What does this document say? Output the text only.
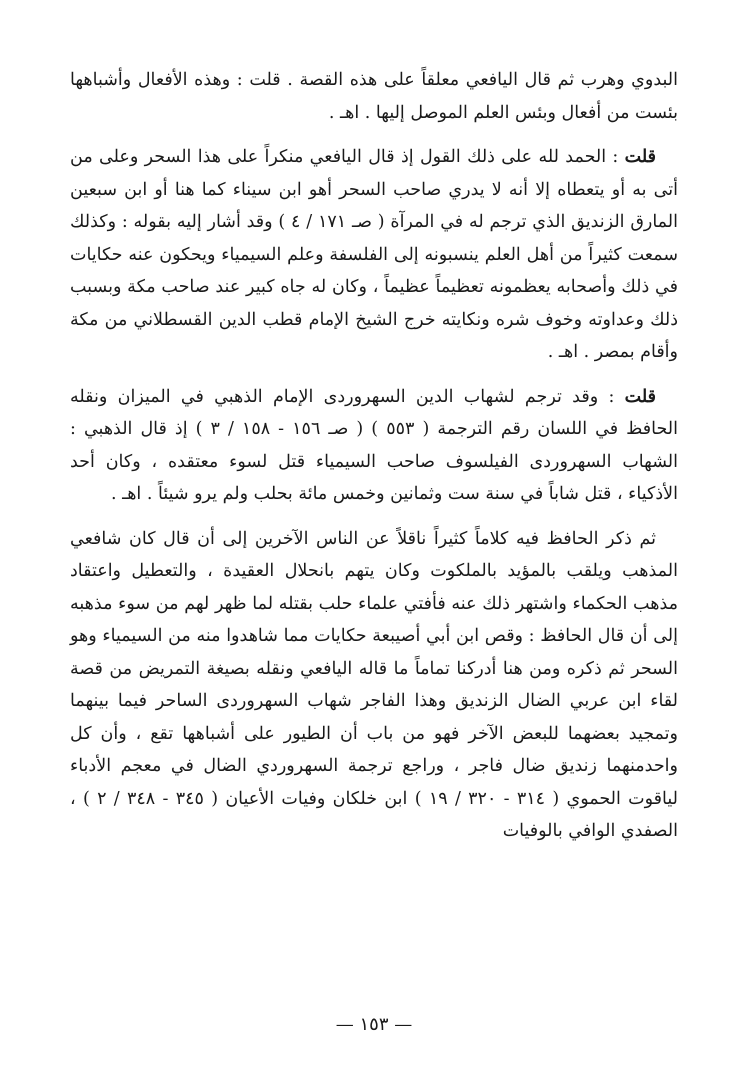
البدوي وهرب ثم قال اليافعي معلقاً على هذه القصة . قلت : وهذه الأفعال وأشباهها بئست من أفعال وبئس العلم الموصل إليها . اهـ .

قلت : الحمد لله على ذلك القول إذ قال اليافعي منكراً على هذا السحر وعلى من أتى به أو يتعطاه إلا أنه لا يدري صاحب السحر أهو ابن سيناء كما هنا أو ابن سبعين المارق الزنديق الذي ترجم له في المرآة ( صـ ١٧١ / ٤ ) وقد أشار إليه بقوله : وكذلك سمعت كثيراً من أهل العلم ينسبونه إلى الفلسفة وعلم السيمياء ويحكون عنه حكايات في ذلك وأصحابه يعظمونه تعظيماً عظيماً ، وكان له جاه كبير عند صاحب مكة وبسبب ذلك وعداوته وخوف شره ونكايته خرج الشيخ الإمام قطب الدين القسطلاني من مكة وأقام بمصر . اهـ .

قلت : وقد ترجم لشهاب الدين السهروردى الإمام الذهبي في الميزان ونقله الحافظ في اللسان رقم الترجمة ( ٥٥٣ ) ( صـ ١٥٦ - ١٥٨ / ٣ ) إذ قال الذهبي : الشهاب السهروردى الفيلسوف صاحب السيمياء قتل لسوء معتقده ، وكان أحد الأذكياء ، قتل شاباً في سنة ست وثمانين وخمس مائة بحلب ولم يرو شيئاً . اهـ .

ثم ذكر الحافظ فيه كلاماً كثيراً ناقلاً عن الناس الآخرين إلى أن قال كان شافعي المذهب ويلقب بالمؤيد بالملكوت وكان يتهم بانحلال العقيدة ، والتعطيل واعتقاد مذهب الحكماء واشتهر ذلك عنه فأفتي علماء حلب بقتله لما ظهر لهم من سوء مذهبه إلى أن قال الحافظ : وقص ابن أبي أصيبعة حكايات مما شاهدوا منه من السيمياء وهو السحر ثم ذكره ومن هنا أدركنا تماماً ما قاله اليافعي ونقله بصيغة التمريض من قصة لقاء ابن عربي الضال الزنديق وهذا الفاجر شهاب السهروردى الساحر فيما بينهما وتمجيد بعضهما للبعض الآخر فهو من باب أن الطيور على أشباهها تقع ، وأن كل واحدمنهما زنديق ضال فاجر ، وراجع ترجمة السهروردي الضال في معجم الأدباء لياقوت الحموي ( ٣١٤ - ٣٢٠ / ١٩ ) ابن خلكان وفيات الأعيان ( ٣٤٥ - ٣٤٨ / ٢ ) ، الصفدي الوافي بالوفيات

— ١٥٣ —
